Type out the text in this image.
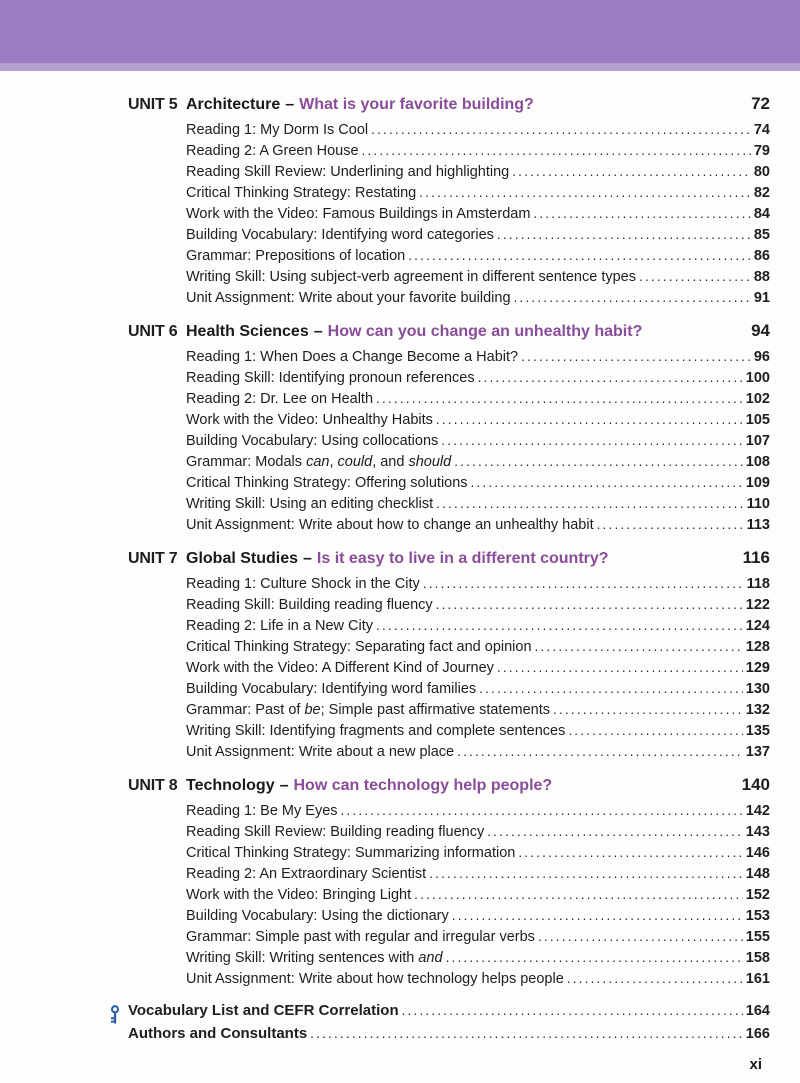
UNIT 5 Architecture – What is your favorite building?	72
Reading 1: My Dorm Is Cool .....	74
Reading 2: A Green House .....	79
Reading Skill Review: Underlining and highlighting .....	80
Critical Thinking Strategy: Restating .....	82
Work with the Video: Famous Buildings in Amsterdam .....	84
Building Vocabulary: Identifying word categories .....	85
Grammar: Prepositions of location .....	86
Writing Skill: Using subject-verb agreement in different sentence types .....	88
Unit Assignment: Write about your favorite building .....	91
UNIT 6 Health Sciences – How can you change an unhealthy habit?	94
Reading 1: When Does a Change Become a Habit? .....	96
Reading Skill: Identifying pronoun references .....	100
Reading 2: Dr. Lee on Health .....	102
Work with the Video: Unhealthy Habits .....	105
Building Vocabulary: Using collocations .....	107
Grammar: Modals can, could, and should .....	108
Critical Thinking Strategy: Offering solutions .....	109
Writing Skill: Using an editing checklist .....	110
Unit Assignment: Write about how to change an unhealthy habit .....	113
UNIT 7 Global Studies – Is it easy to live in a different country?	116
Reading 1: Culture Shock in the City .....	118
Reading Skill: Building reading fluency .....	122
Reading 2: Life in a New City .....	124
Critical Thinking Strategy: Separating fact and opinion .....	128
Work with the Video: A Different Kind of Journey .....	129
Building Vocabulary: Identifying word families .....	130
Grammar: Past of be; Simple past affirmative statements .....	132
Writing Skill: Identifying fragments and complete sentences .....	135
Unit Assignment: Write about a new place .....	137
UNIT 8 Technology – How can technology help people?	140
Reading 1: Be My Eyes .....	142
Reading Skill Review: Building reading fluency .....	143
Critical Thinking Strategy: Summarizing information .....	146
Reading 2: An Extraordinary Scientist .....	148
Work with the Video: Bringing Light .....	152
Building Vocabulary: Using the dictionary .....	153
Grammar: Simple past with regular and irregular verbs .....	155
Writing Skill: Writing sentences with and .....	158
Unit Assignment: Write about how technology helps people .....	161
Vocabulary List and CEFR Correlation .....	164
Authors and Consultants .....	166
xi
